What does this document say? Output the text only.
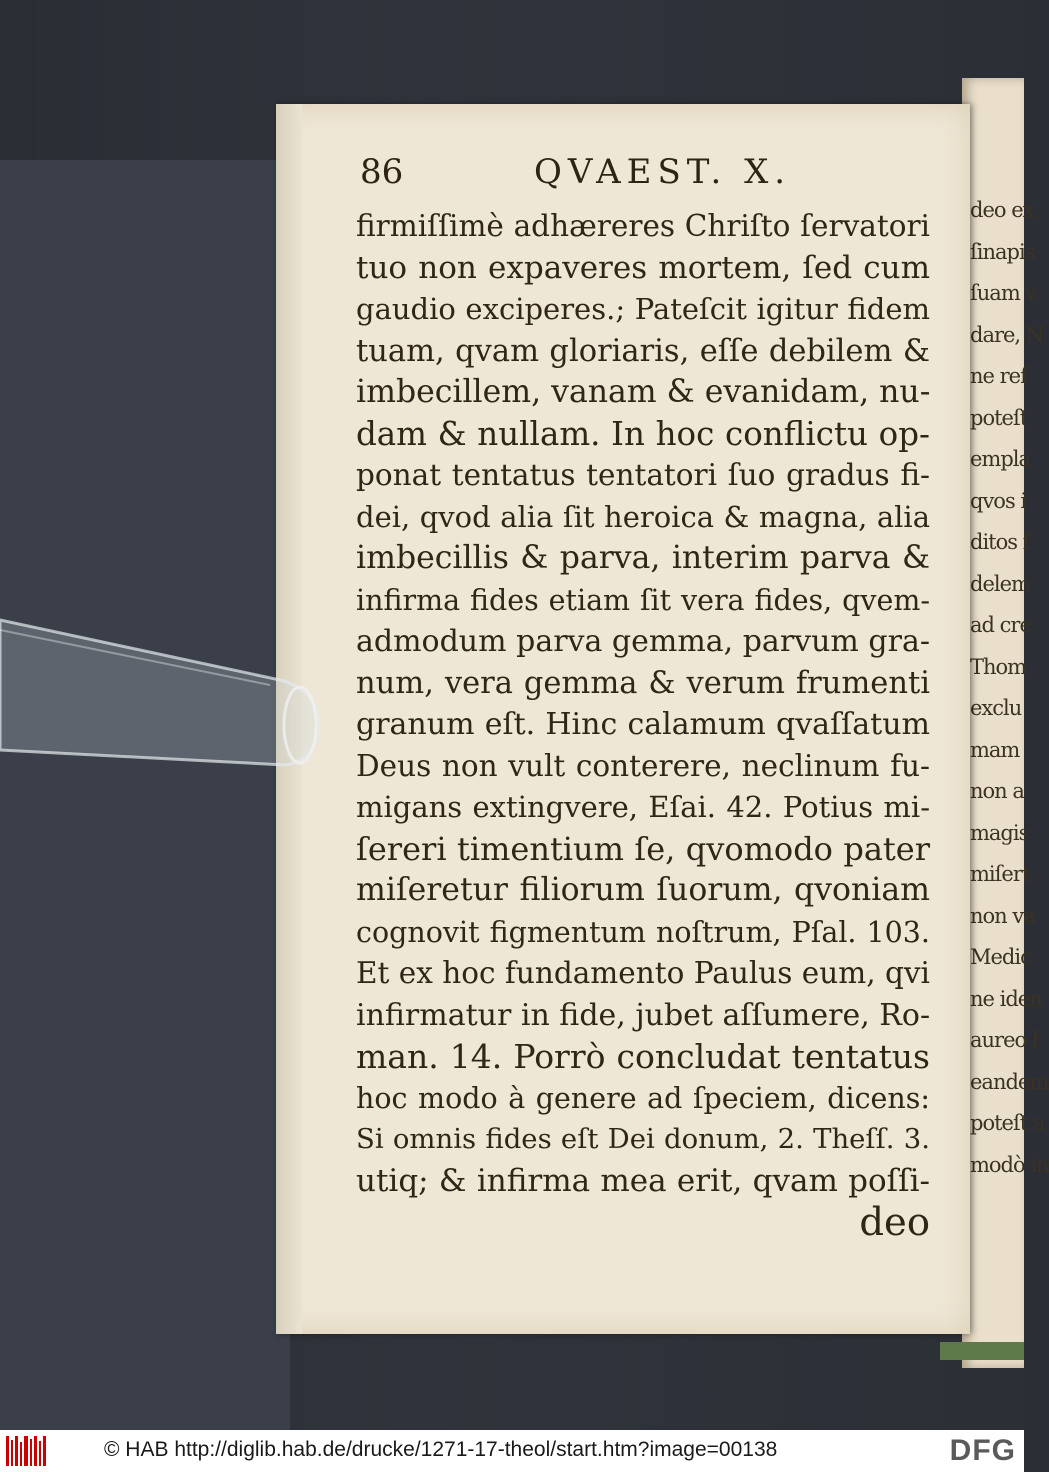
deo ex
ſinapis
ſuam v
dare, N
ne reſ
poteſt
empla
qvos i
ditos f
delem
ad cre
Thom
exclu
mam
non a
magis
miſert
non va
Medic
ne iden
aureo f
eandem
poteſt a
modò in
86	QVAEST. X.
firmiſſimè adhæreres Chriſto ſervatori
tuo non expaveres mortem, ſed cum
gaudio exciperes.; Pateſcit igitur fidem
tuam, qvam gloriaris, eſſe debilem &
imbecillem, vanam & evanidam, nu-
dam & nullam. In hoc conflictu op-
ponat tentatus tentatori ſuo gradus fi-
dei, qvod alia ſit heroica & magna, alia
imbecillis & parva, interim parva &
infirma fides etiam ſit vera fides, qvem-
admodum parva gemma, parvum gra-
num, vera gemma & verum frumenti
granum eſt. Hinc calamum qvaſſatum
Deus non vult conterere, neclinum fu-
migans extingvere, Eſai. 42. Potius mi-
ſereri timentium ſe, qvomodo pater
miſeretur filiorum ſuorum, qvoniam
cognovit figmentum noſtrum, Pſal. 103.
Et ex hoc fundamento Paulus eum, qvi
infirmatur in fide, jubet aſſumere, Ro-
man. 14. Porrò concludat tentatus
hoc modo à genere ad ſpeciem, dicens:
Si omnis fides eſt Dei donum, 2. Theſſ. 3.
utiq; & infirma mea erit, qvam poſſi-
deo
© HAB http://diglib.hab.de/drucke/1271-17-theol/start.htm?image=00138	DFG
